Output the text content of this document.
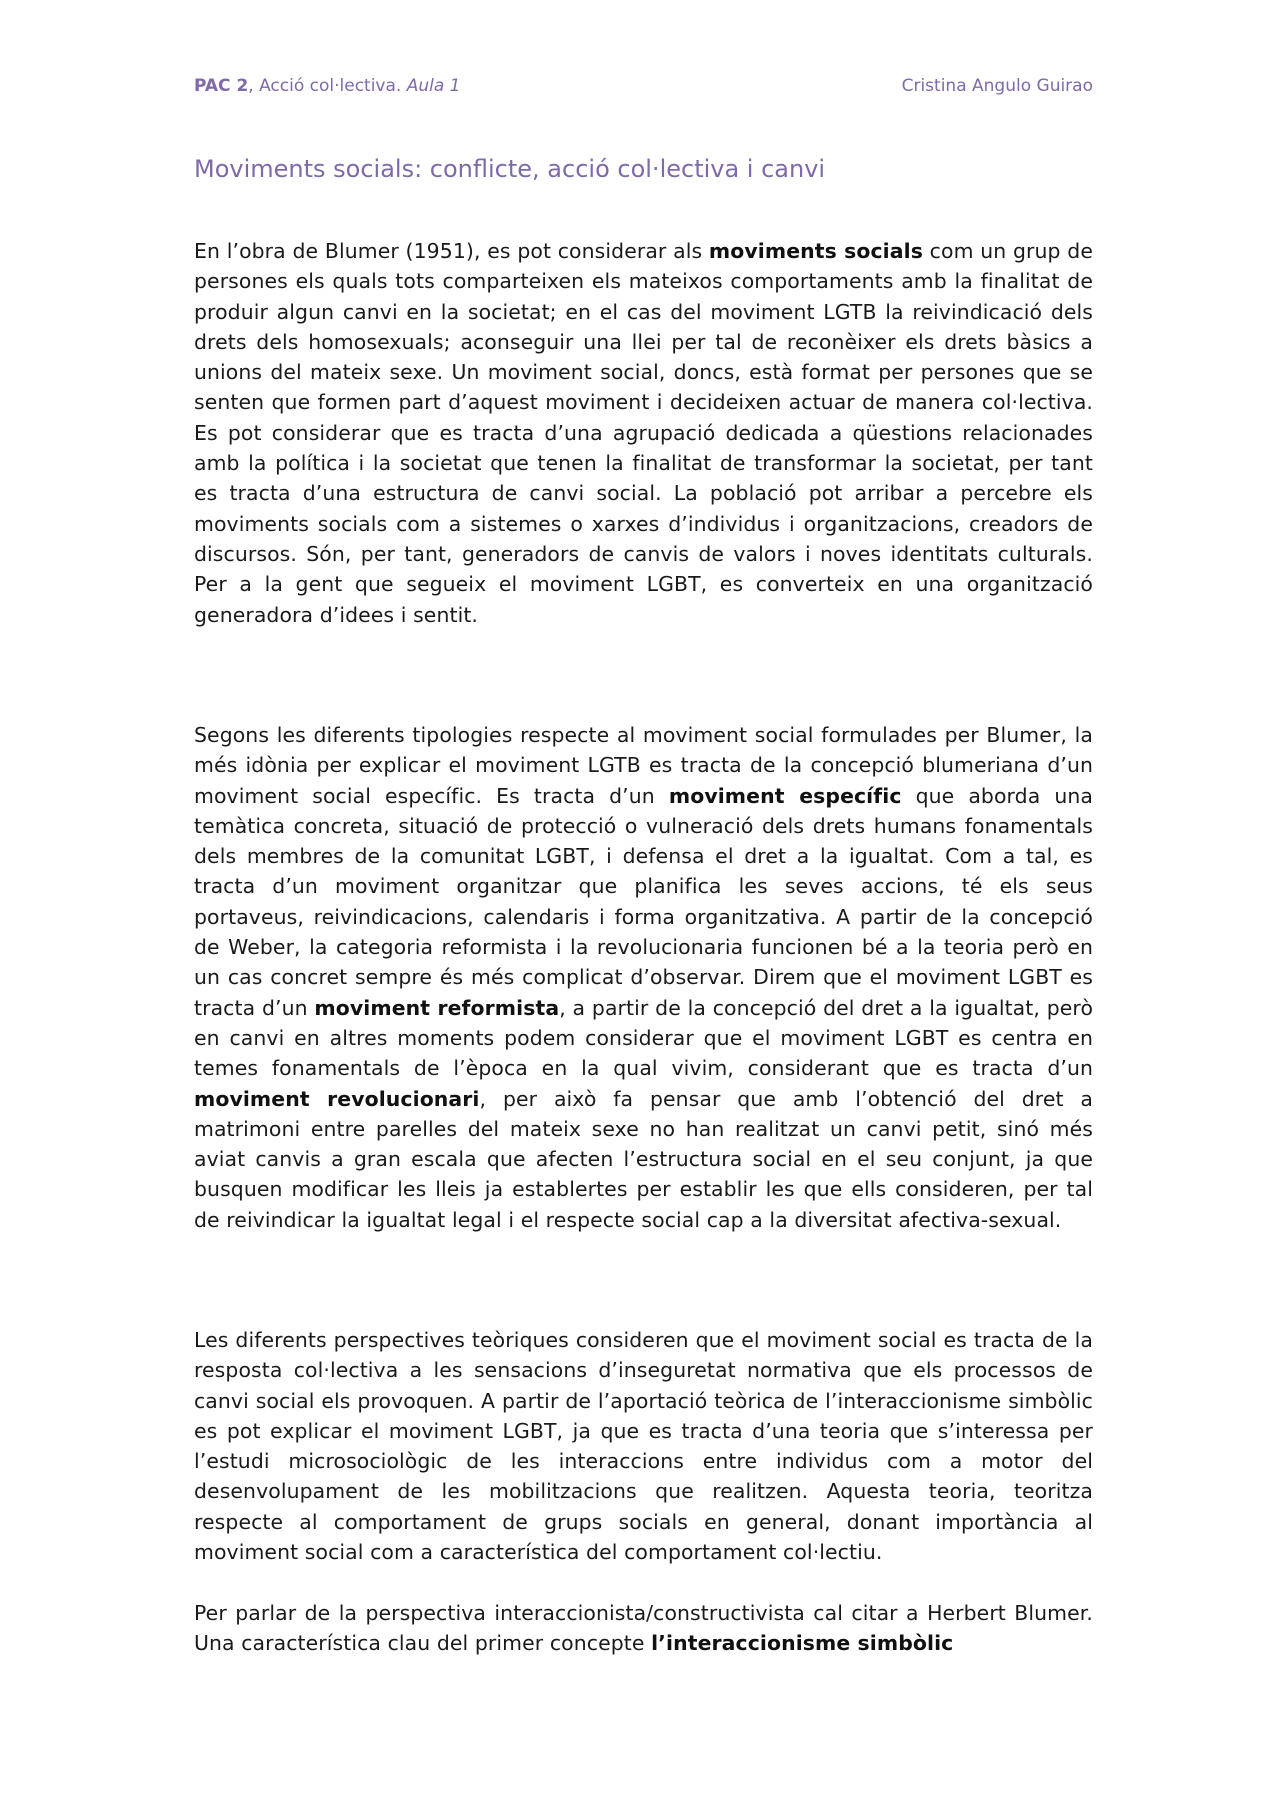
PAC 2, Acció col·lectiva. Aula 1	Cristina Angulo Guirao
Moviments socials: conflicte, acció col·lectiva i canvi

En l’obra de Blumer (1951), es pot considerar als moviments socials com un grup de persones els quals tots comparteixen els mateixos comportaments amb la finalitat de produir algun canvi en la societat; en el cas del moviment LGTB la reivindicació dels drets dels homosexuals; aconseguir una llei per tal de reconèixer els drets bàsics a unions del mateix sexe. Un moviment social, doncs, està format per persones que se senten que formen part d’aquest moviment i decideixen actuar de manera col·lectiva. Es pot considerar que es tracta d’una agrupació dedicada a qüestions relacionades amb la política i la societat que tenen la finalitat de transformar la societat, per tant es tracta d’una estructura de canvi social. La població pot arribar a percebre els moviments socials com a sistemes o xarxes d’individus i organitzacions, creadors de discursos. Són, per tant, generadors de canvis de valors i noves identitats culturals. Per a la gent que segueix el moviment LGBT, es converteix en una organització generadora d’idees i sentit.

Segons les diferents tipologies respecte al moviment social formulades per Blumer, la més idònia per explicar el moviment LGTB es tracta de la concepció blumeriana d’un moviment social específic. Es tracta d’un moviment específic que aborda una temàtica concreta, situació de protecció o vulneració dels drets humans fonamentals dels membres de la comunitat LGBT, i defensa el dret a la igualtat. Com a tal, es tracta d’un moviment organitzar que planifica les seves accions, té els seus portaveus, reivindicacions, calendaris i forma organitzativa. A partir de la concepció de Weber, la categoria reformista i la revolucionaria funcionen bé a la teoria però en un cas concret sempre és més complicat d’observar. Direm que el moviment LGBT es tracta d’un moviment reformista, a partir de la concepció del dret a la igualtat, però en canvi en altres moments podem considerar que el moviment LGBT es centra en temes fonamentals de l’època en la qual vivim, considerant que es tracta d’un moviment revolucionari, per això fa pensar que amb l’obtenció del dret a matrimoni entre parelles del mateix sexe no han realitzat un canvi petit, sinó més aviat canvis a gran escala que afecten l’estructura social en el seu conjunt, ja que busquen modificar les lleis ja establertes per establir les que ells consideren, per tal de reivindicar la igualtat legal i el respecte social cap a la diversitat afectiva-sexual.

Les diferents perspectives teòriques consideren que el moviment social es tracta de la resposta col·lectiva a les sensacions d’inseguretat normativa que els processos de canvi social els provoquen. A partir de l’aportació teòrica de l’interaccionisme simbòlic es pot explicar el moviment LGBT, ja que es tracta d’una teoria que s’interessa per l’estudi microsociològic de les interaccions entre individus com a motor del desenvolupament de les mobilitzacions que realitzen. Aquesta teoria, teoritza respecte al comportament de grups socials en general, donant importància al moviment social com a característica del comportament col·lectiu.

Per parlar de la perspectiva interaccionista/constructivista cal citar a Herbert Blumer. Una característica clau del primer concepte l’interaccionisme simbòlic
